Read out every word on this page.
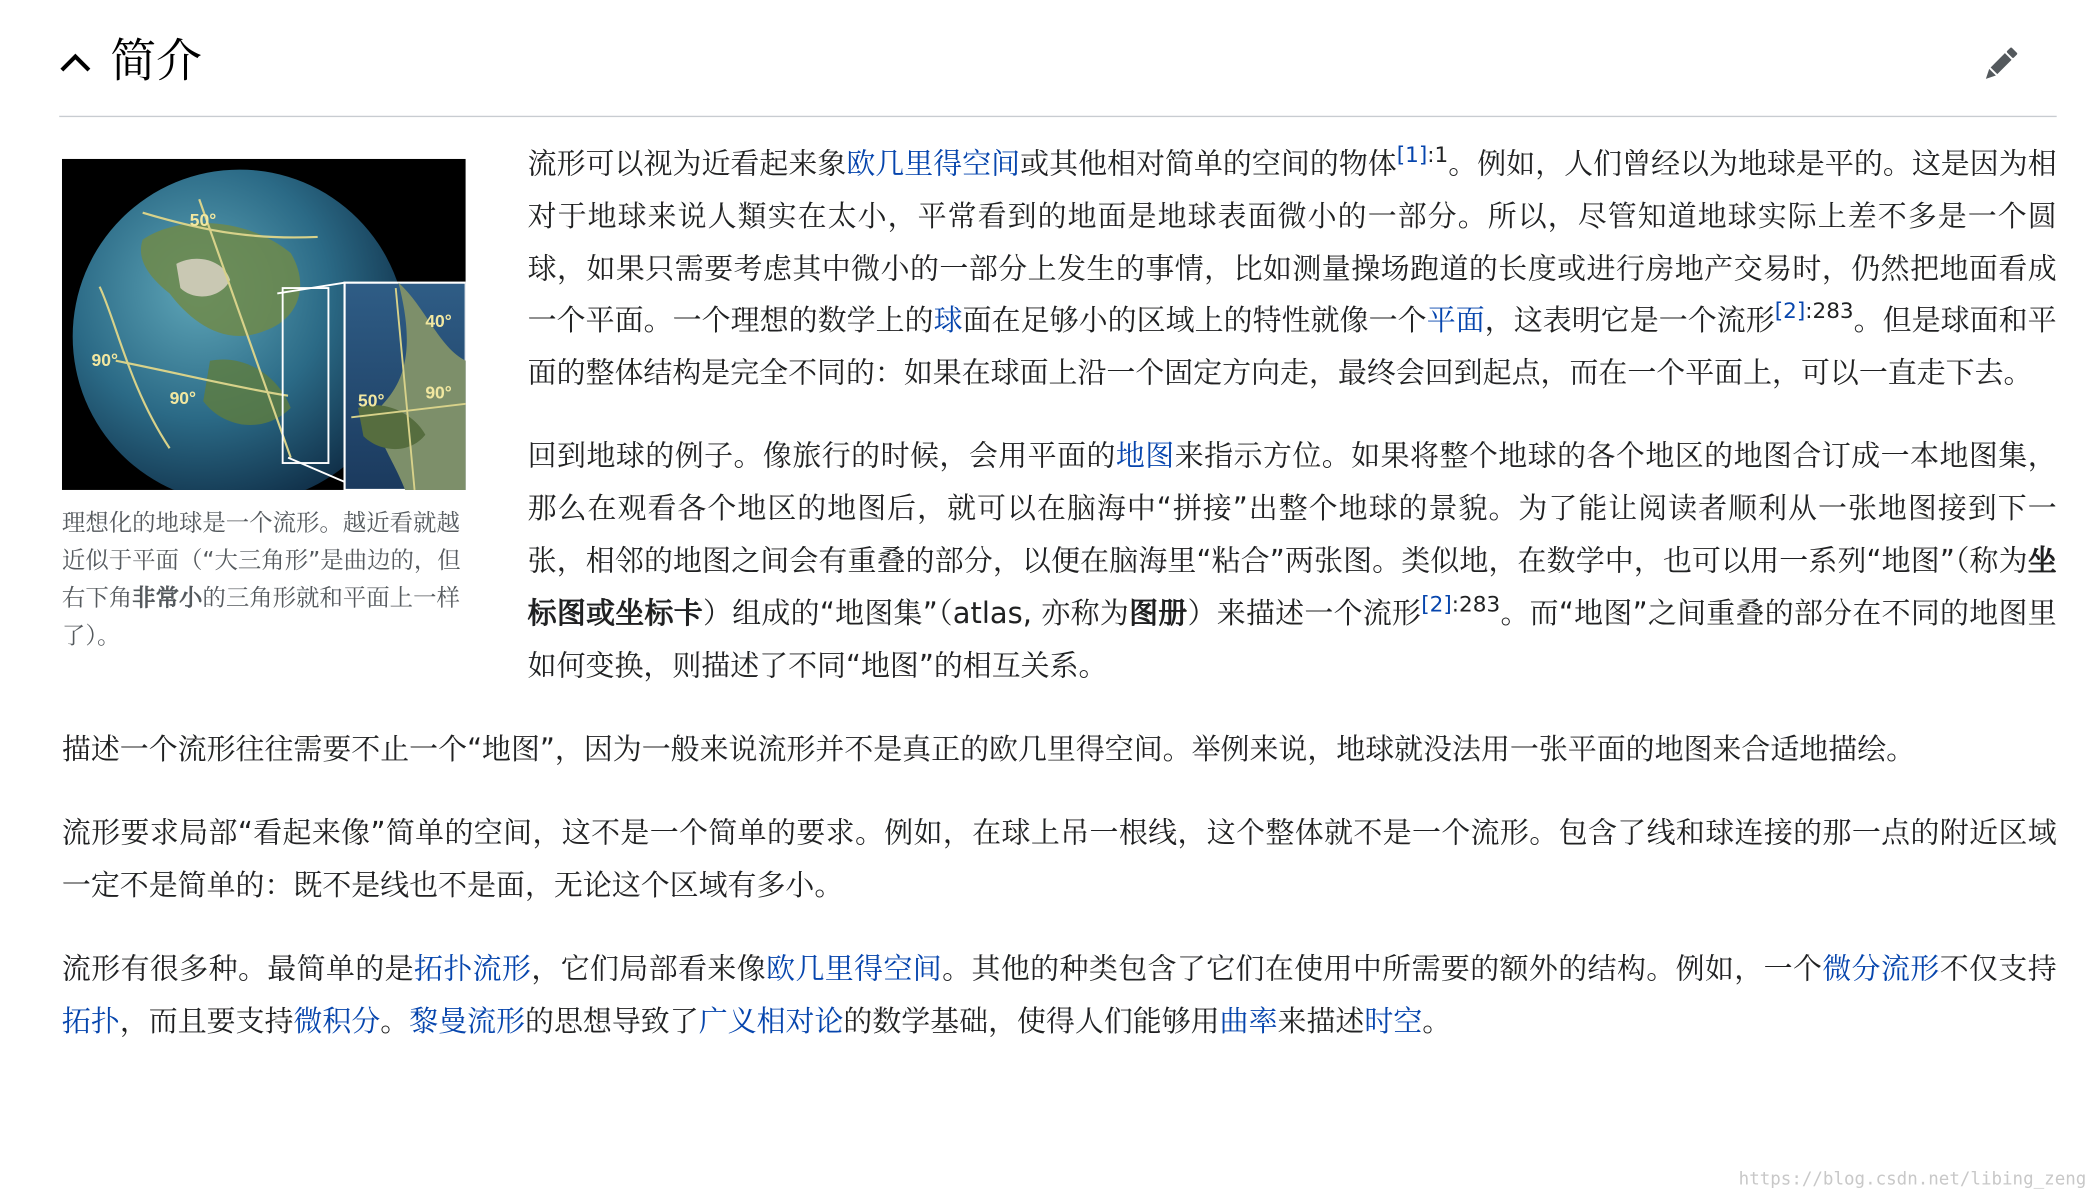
简介
50°
40°
90°
90°	90°
50°
理想化的地球是一个流形。越近看就越近似于平面（“大三角形”是曲边的，但右下角非常小的三角形就和平面上一样了）。

流形可以视为近看起来象欧几里得空间或其他相对简单的空间的物体$^{[1]:1}$。例如，人们曾经以为地球是平的。这是因为相对于地球来说人類实在太小，平常看到的地面是地球表面微小的一部分。所以，尽管知道地球实际上差不多是一个圆球，如果只需要考虑其中微小的一部分上发生的事情，比如测量操场跑道的长度或进行房地产交易时，仍然把地面看成一个平面。一个理想的数学上的球面在足够小的区域上的特性就像一个平面，这表明它是一个流形$^{[2]:283}$。但是球面和平面的整体结构是完全不同的：如果在球面上沿一个固定方向走，最终会回到起点，而在一个平面上，可以一直走下去。

回到地球的例子。像旅行的时候，会用平面的地图来指示方位。如果将整个地球的各个地区的地图合订成一本地图集，那么在观看各个地区的地图后，就可以在脑海中“拼接”出整个地球的景貌。为了能让阅读者顺利从一张地图接到下一张，相邻的地图之间会有重叠的部分，以便在脑海里“粘合”两张图。类似地，在数学中，也可以用一系列“地图”（称为坐标图或坐标卡）组成的“地图集”（atlas, 亦称为图册）来描述一个流形$^{[2]:283}$。而“地图”之间重叠的部分在不同的地图里如何变换，则描述了不同“地图”的相互关系。

描述一个流形往往需要不止一个“地图”，因为一般来说流形并不是真正的欧几里得空间。举例来说，地球就没法用一张平面的地图来合适地描绘。

流形要求局部“看起来像”简单的空间，这不是一个简单的要求。例如，在球上吊一根线，这个整体就不是一个流形。包含了线和球连接的那一点的附近区域一定不是简单的：既不是线也不是面，无论这个区域有多小。

流形有很多种。最简单的是拓扑流形，它们局部看来像欧几里得空间。其他的种类包含了它们在使用中所需要的额外的结构。例如，一个微分流形不仅支持拓扑，而且要支持微积分。黎曼流形的思想导致了广义相对论的数学基础，使得人们能够用曲率来描述时空。

https://blog.csdn.net/libing_zeng
